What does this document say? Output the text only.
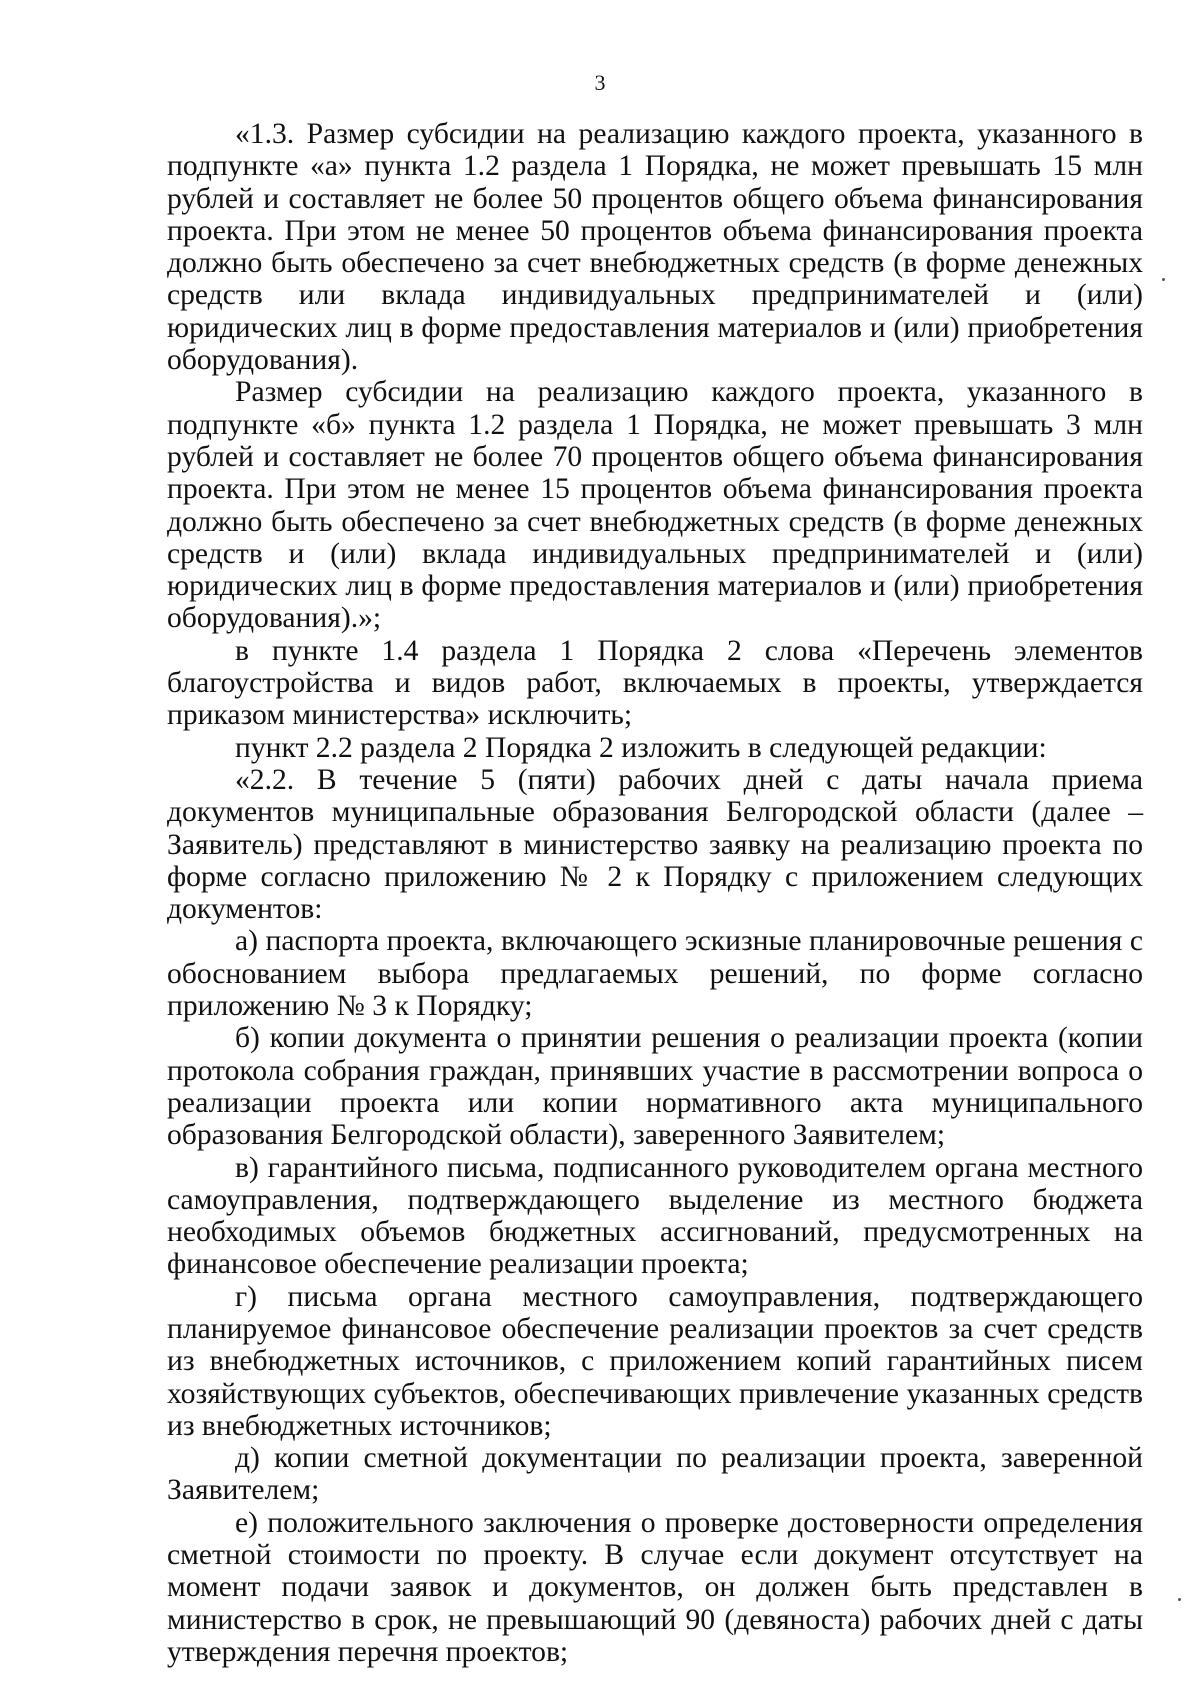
3

«1.3. Размер субсидии на реализацию каждого проекта, указанного в подпункте «а» пункта 1.2 раздела 1 Порядка, не может превышать 15 млн рублей и составляет не более 50 процентов общего объема финансирования проекта. При этом не менее 50 процентов объема финансирования проекта должно быть обеспечено за счет внебюджетных средств (в форме денежных средств или вклада индивидуальных предпринимателей и (или) юридических лиц в форме предоставления материалов и (или) приобретения оборудования).

Размер субсидии на реализацию каждого проекта, указанного в подпункте «б» пункта 1.2 раздела 1 Порядка, не может превышать 3 млн рублей и составляет не более 70 процентов общего объема финансирования проекта. При этом не менее 15 процентов объема финансирования проекта должно быть обеспечено за счет внебюджетных средств (в форме денежных средств и (или) вклада индивидуальных предпринимателей и (или) юридических лиц в форме предоставления материалов и (или) приобретения оборудования).»;

в пункте 1.4 раздела 1 Порядка 2 слова «Перечень элементов благоустройства и видов работ, включаемых в проекты, утверждается приказом министерства» исключить;

пункт 2.2 раздела 2 Порядка 2 изложить в следующей редакции:

«2.2. В течение 5 (пяти) рабочих дней с даты начала приема документов муниципальные образования Белгородской области (далее – Заявитель) представляют в министерство заявку на реализацию проекта по форме согласно приложению № 2 к Порядку с приложением следующих документов:

а) паспорта проекта, включающего эскизные планировочные решения с обоснованием выбора предлагаемых решений, по форме согласно приложению № 3 к Порядку;

б) копии документа о принятии решения о реализации проекта (копии протокола собрания граждан, принявших участие в рассмотрении вопроса о реализации проекта или копии нормативного акта муниципального образования Белгородской области), заверенного Заявителем;

в) гарантийного письма, подписанного руководителем органа местного самоуправления, подтверждающего выделение из местного бюджета необходимых объемов бюджетных ассигнований, предусмотренных на финансовое обеспечение реализации проекта;

г) письма органа местного самоуправления, подтверждающего планируемое финансовое обеспечение реализации проектов за счет средств из внебюджетных источников, с приложением копий гарантийных писем хозяйствующих субъектов, обеспечивающих привлечение указанных средств из внебюджетных источников;

д) копии сметной документации по реализации проекта, заверенной Заявителем;

е) положительного заключения о проверке достоверности определения сметной стоимости по проекту. В случае если документ отсутствует на момент подачи заявок и документов, он должен быть представлен в министерство в срок, не превышающий 90 (девяноста) рабочих дней с даты утверждения перечня проектов;
